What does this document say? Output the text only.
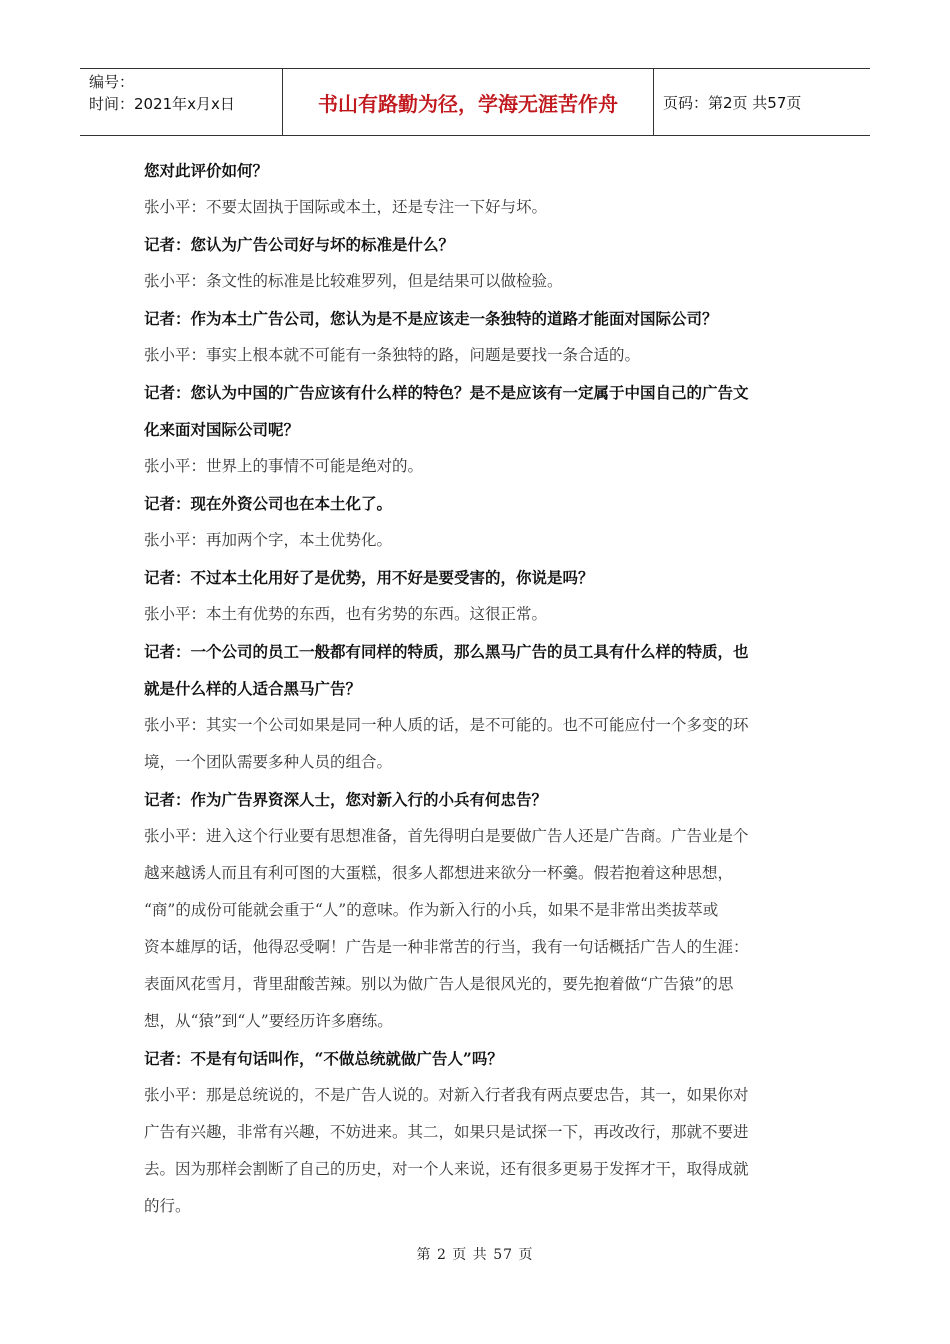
编号：
时间：2021年x月x日	书山有路勤为径，学海无涯苦作舟	页码：第2页 共57页

您对此评价如何？

张小平：不要太固执于国际或本土，还是专注一下好与坏。

记者：您认为广告公司好与坏的标准是什么？

张小平：条文性的标准是比较难罗列，但是结果可以做检验。

记者：作为本土广告公司，您认为是不是应该走一条独特的道路才能面对国际公司？

张小平：事实上根本就不可能有一条独特的路，问题是要找一条合适的。

记者：您认为中国的广告应该有什么样的特色？是不是应该有一定属于中国自己的广告文

化来面对国际公司呢？

张小平：世界上的事情不可能是绝对的。

记者：现在外资公司也在本土化了。

张小平：再加两个字，本土优势化。

记者：不过本土化用好了是优势，用不好是要受害的，你说是吗？

张小平：本土有优势的东西，也有劣势的东西。这很正常。

记者：一个公司的员工一般都有同样的特质，那么黑马广告的员工具有什么样的特质，也

就是什么样的人适合黑马广告？

张小平：其实一个公司如果是同一种人质的话，是不可能的。也不可能应付一个多变的环

境，一个团队需要多种人员的组合。

记者：作为广告界资深人士，您对新入行的小兵有何忠告？

张小平：进入这个行业要有思想准备，首先得明白是要做广告人还是广告商。广告业是个

越来越诱人而且有利可图的大蛋糕，很多人都想进来欲分一杯羹。假若抱着这种思想，

“商”的成份可能就会重于“人”的意味。作为新入行的小兵，如果不是非常出类拔萃或

资本雄厚的话，他得忍受啊！广告是一种非常苦的行当，我有一句话概括广告人的生涯：

表面风花雪月，背里甜酸苦辣。别以为做广告人是很风光的，要先抱着做“广告猿”的思

想，从“猿”到“人”要经历许多磨练。

记者：不是有句话叫作，“不做总统就做广告人”吗？

张小平：那是总统说的，不是广告人说的。对新入行者我有两点要忠告，其一，如果你对

广告有兴趣，非常有兴趣，不妨进来。其二，如果只是试探一下，再改改行，那就不要进

去。因为那样会割断了自己的历史，对一个人来说，还有很多更易于发挥才干，取得成就

的行。

第 2 页 共 57 页
